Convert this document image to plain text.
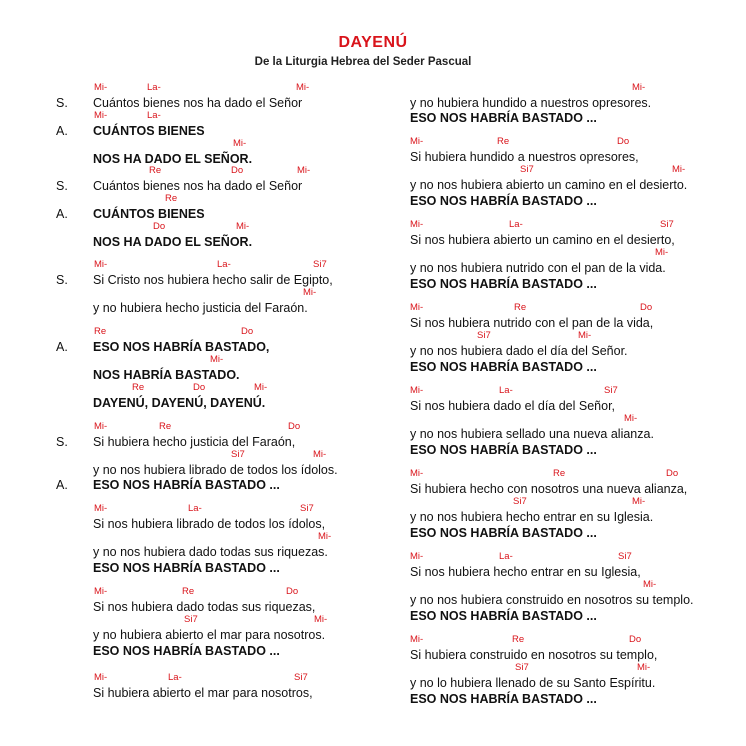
DAYENÚ
De la Liturgia Hebrea del Seder Pascual
S. Cuántos bienes nos ha dado el Señor
Mi-	La-	Mi-
A. CUÁNTOS BIENES
Mi-	La-
NOS HA DADO EL SEÑOR.
Mi-
S. Cuántos bienes nos ha dado el Señor
Re	Do	Mi-
A. CUÁNTOS BIENES
Re
NOS HA DADO EL SEÑOR.
Do	Mi-
S. Si Cristo nos hubiera hecho salir de Egipto,
Mi-	La-	Si7
y no hubiera hecho justicia del Faraón.
Mi-
A. ESO NOS HABRÍA BASTADO,
Re	Do
NOS HABRÍA BASTADO.
Mi-
DAYENÚ, DAYENÚ, DAYENÚ.
Re	Do	Mi-
S. Si hubiera hecho justicia del Faraón,
Mi-	Re	Do
y no nos hubiera librado de todos los ídolos.
Si7	Mi-
A. ESO NOS HABRÍA BASTADO ...
Si nos hubiera librado de todos los ídolos,
Mi-	La-	Si7
y no nos hubiera dado todas sus riquezas.
Mi-
ESO NOS HABRÍA BASTADO ...
Si nos hubiera dado todas sus riquezas,
Mi-	Re	Do
y no hubiera abierto el mar para nosotros.
Si7	Mi-
ESO NOS HABRÍA BASTADO ...
Si hubiera abierto el mar para nosotros,
Mi-	La-	Si7
y no hubiera hundido a nuestros opresores.
Mi-
ESO NOS HABRÍA BASTADO ...
Si hubiera hundido a nuestros opresores,
Mi-	Re	Do
y no nos hubiera abierto un camino en el desierto.
Si7	Mi-
ESO NOS HABRÍA BASTADO ...
Si nos hubiera abierto un camino en el desierto,
Mi-	La-	Si7
y no nos hubiera nutrido con el pan de la vida.
Mi-
ESO NOS HABRÍA BASTADO ...
Si nos hubiera nutrido con el pan de la vida,
Mi-	Re	Do
y no nos hubiera dado el día del Señor.
Si7	Mi-
ESO NOS HABRÍA BASTADO ...
Si nos hubiera dado el día del Señor,
Mi-	La-	Si7
y no nos hubiera sellado una nueva alianza.
Mi-
ESO NOS HABRÍA BASTADO ...
Si hubiera hecho con nosotros una nueva alianza,
Mi-	Re	Do
y no nos hubiera hecho entrar en su Iglesia.
Si7	Mi-
ESO NOS HABRÍA BASTADO ...
Si nos hubiera hecho entrar en su Iglesia,
Mi-	La-	Si7
y no nos hubiera construido en nosotros su templo.
Mi-
ESO NOS HABRÍA BASTADO ...
Si hubiera construido en nosotros su templo,
Mi-	Re	Do
y no lo hubiera llenado de su Santo Espíritu.
Si7	Mi-
ESO NOS HABRÍA BASTADO ...
